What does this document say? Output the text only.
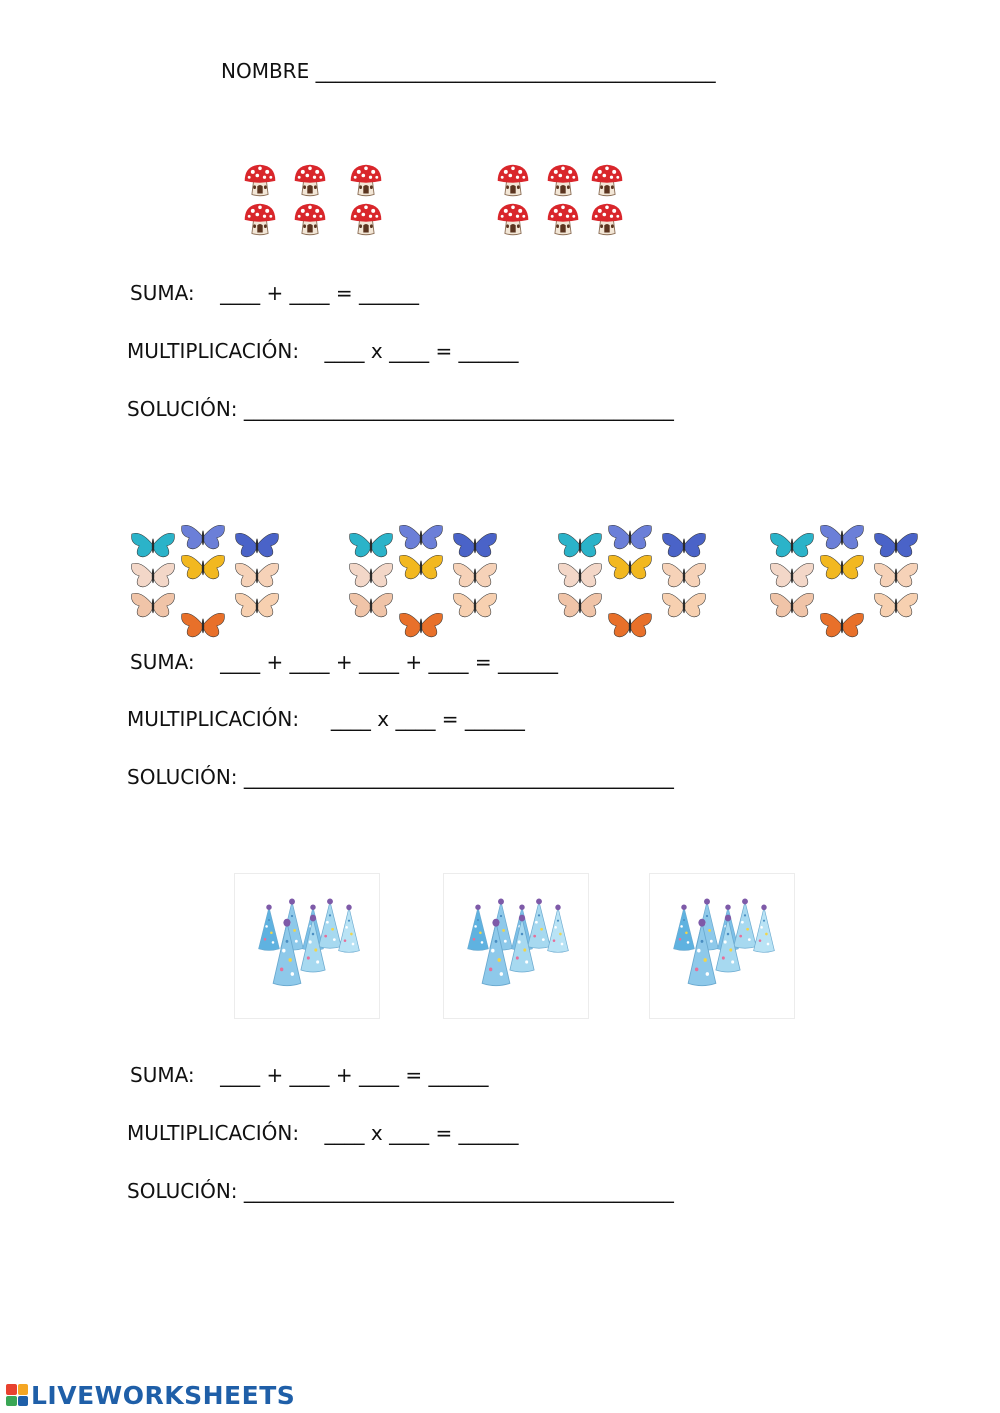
NOMBRE ________________________________________
SUMA:    ____ + ____ = ______
MULTIPLICACIÓN:    ____ x ____ = ______
SOLUCIÓN: ___________________________________________
SUMA:    ____ + ____ + ____ + ____ = ______
MULTIPLICACIÓN:     ____ x ____ = ______
SOLUCIÓN: ___________________________________________
SUMA:    ____ + ____ + ____ = ______
MULTIPLICACIÓN:    ____ x ____ = ______
SOLUCIÓN: ___________________________________________
LIVEWORKSHEETS
